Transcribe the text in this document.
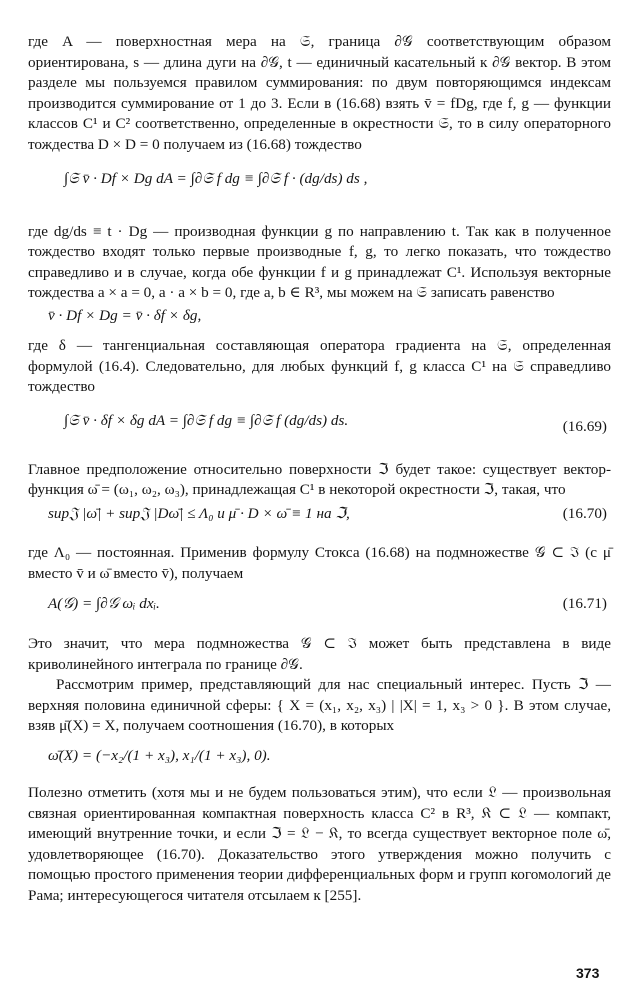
где A — поверхностная мера на 𝔖, граница ∂𝒢 соответствующим образом ориентирована, s — длина дуги на ∂𝒢, t — единичный касательный к ∂𝒢 вектор. В этом разделе мы пользуемся правилом суммирования: по двум повторяющимся индексам производится суммирование от 1 до 3. Если в (16.68) взять v̄ = fDg, где f, g — функции классов C¹ и C² соответственно, определенные в окрестности 𝔖, то в силу операторного тождества D × D = 0 получаем из (16.68) тождество

∫𝔖 v̄ · Df × Dg dA = ∫∂𝔖 f dg ≡ ∫∂𝔖 f · (dg/ds) ds ,

где dg/ds ≡ t · Dg — производная функции g по направлению t. Так как в полученное тождество входят только первые производные f, g, то легко показать, что тождество справедливо и в случае, когда обе функции f и g принадлежат C¹. Используя векторные тождества a × a = 0, a · a × b = 0, где a, b ∈ R³, мы можем на 𝔖 записать равенство

v̄ · Df × Dg = v̄ · δf × δg,

где δ — тангенциальная составляющая оператора градиента на 𝔖, определенная формулой (16.4). Следовательно, для любых функций f, g класса C¹ на 𝔖 справедливо тождество

∫𝔖 v̄ · δf × δg dA = ∫∂𝔖 f dg ≡ ∫∂𝔖 f (dg/ds) ds.	(16.69)

Главное предположение относительно поверхности ℑ будет такое: существует вектор-функция ω̄ = (ω₁, ω₂, ω₃), принадлежащая C¹ в некоторой окрестности ℑ, такая, что

sup𝔍 |ω̄| + sup𝔍 |Dω̄| ≤ Λ₀ и μ̄ · D × ω̄ ≡ 1 на ℑ,	(16.70)

где Λ₀ — постоянная. Применив формулу Стокса (16.68) на подмножестве 𝒢 ⊂ ℑ (с μ̄ вместо v̄ и ω̄ вместо v̄), получаем

A(𝒢) = ∫∂𝒢 ωᵢ dxᵢ.	(16.71)

Это значит, что мера подмножества 𝒢 ⊂ ℑ может быть представлена в виде криволинейного интеграла по границе ∂𝒢.

Рассмотрим пример, представляющий для нас специальный интерес. Пусть ℑ — верхняя половина единичной сферы: { X = (x₁, x₂, x₃) | |X| = 1, x₃ > 0 }. В этом случае, взяв μ̄(X) = X, получаем соотношения (16.70), в которых

ω̄(X) = (−x₂/(1 + x₃), x₁/(1 + x₃), 0).

Полезно отметить (хотя мы и не будем пользоваться этим), что если 𝔏 — произвольная связная ориентированная компактная поверхность класса C² в R³, 𝔎 ⊂ 𝔏 — компакт, имеющий внутренние точки, и если ℑ = 𝔏 − 𝔎, то всегда существует векторное поле ω̄, удовлетворяющее (16.70). Доказательство этого утверждения можно получить с помощью простого применения теории дифференциальных форм и групп когомологий де Рама; интересующегося читателя отсылаем к [255].

373
